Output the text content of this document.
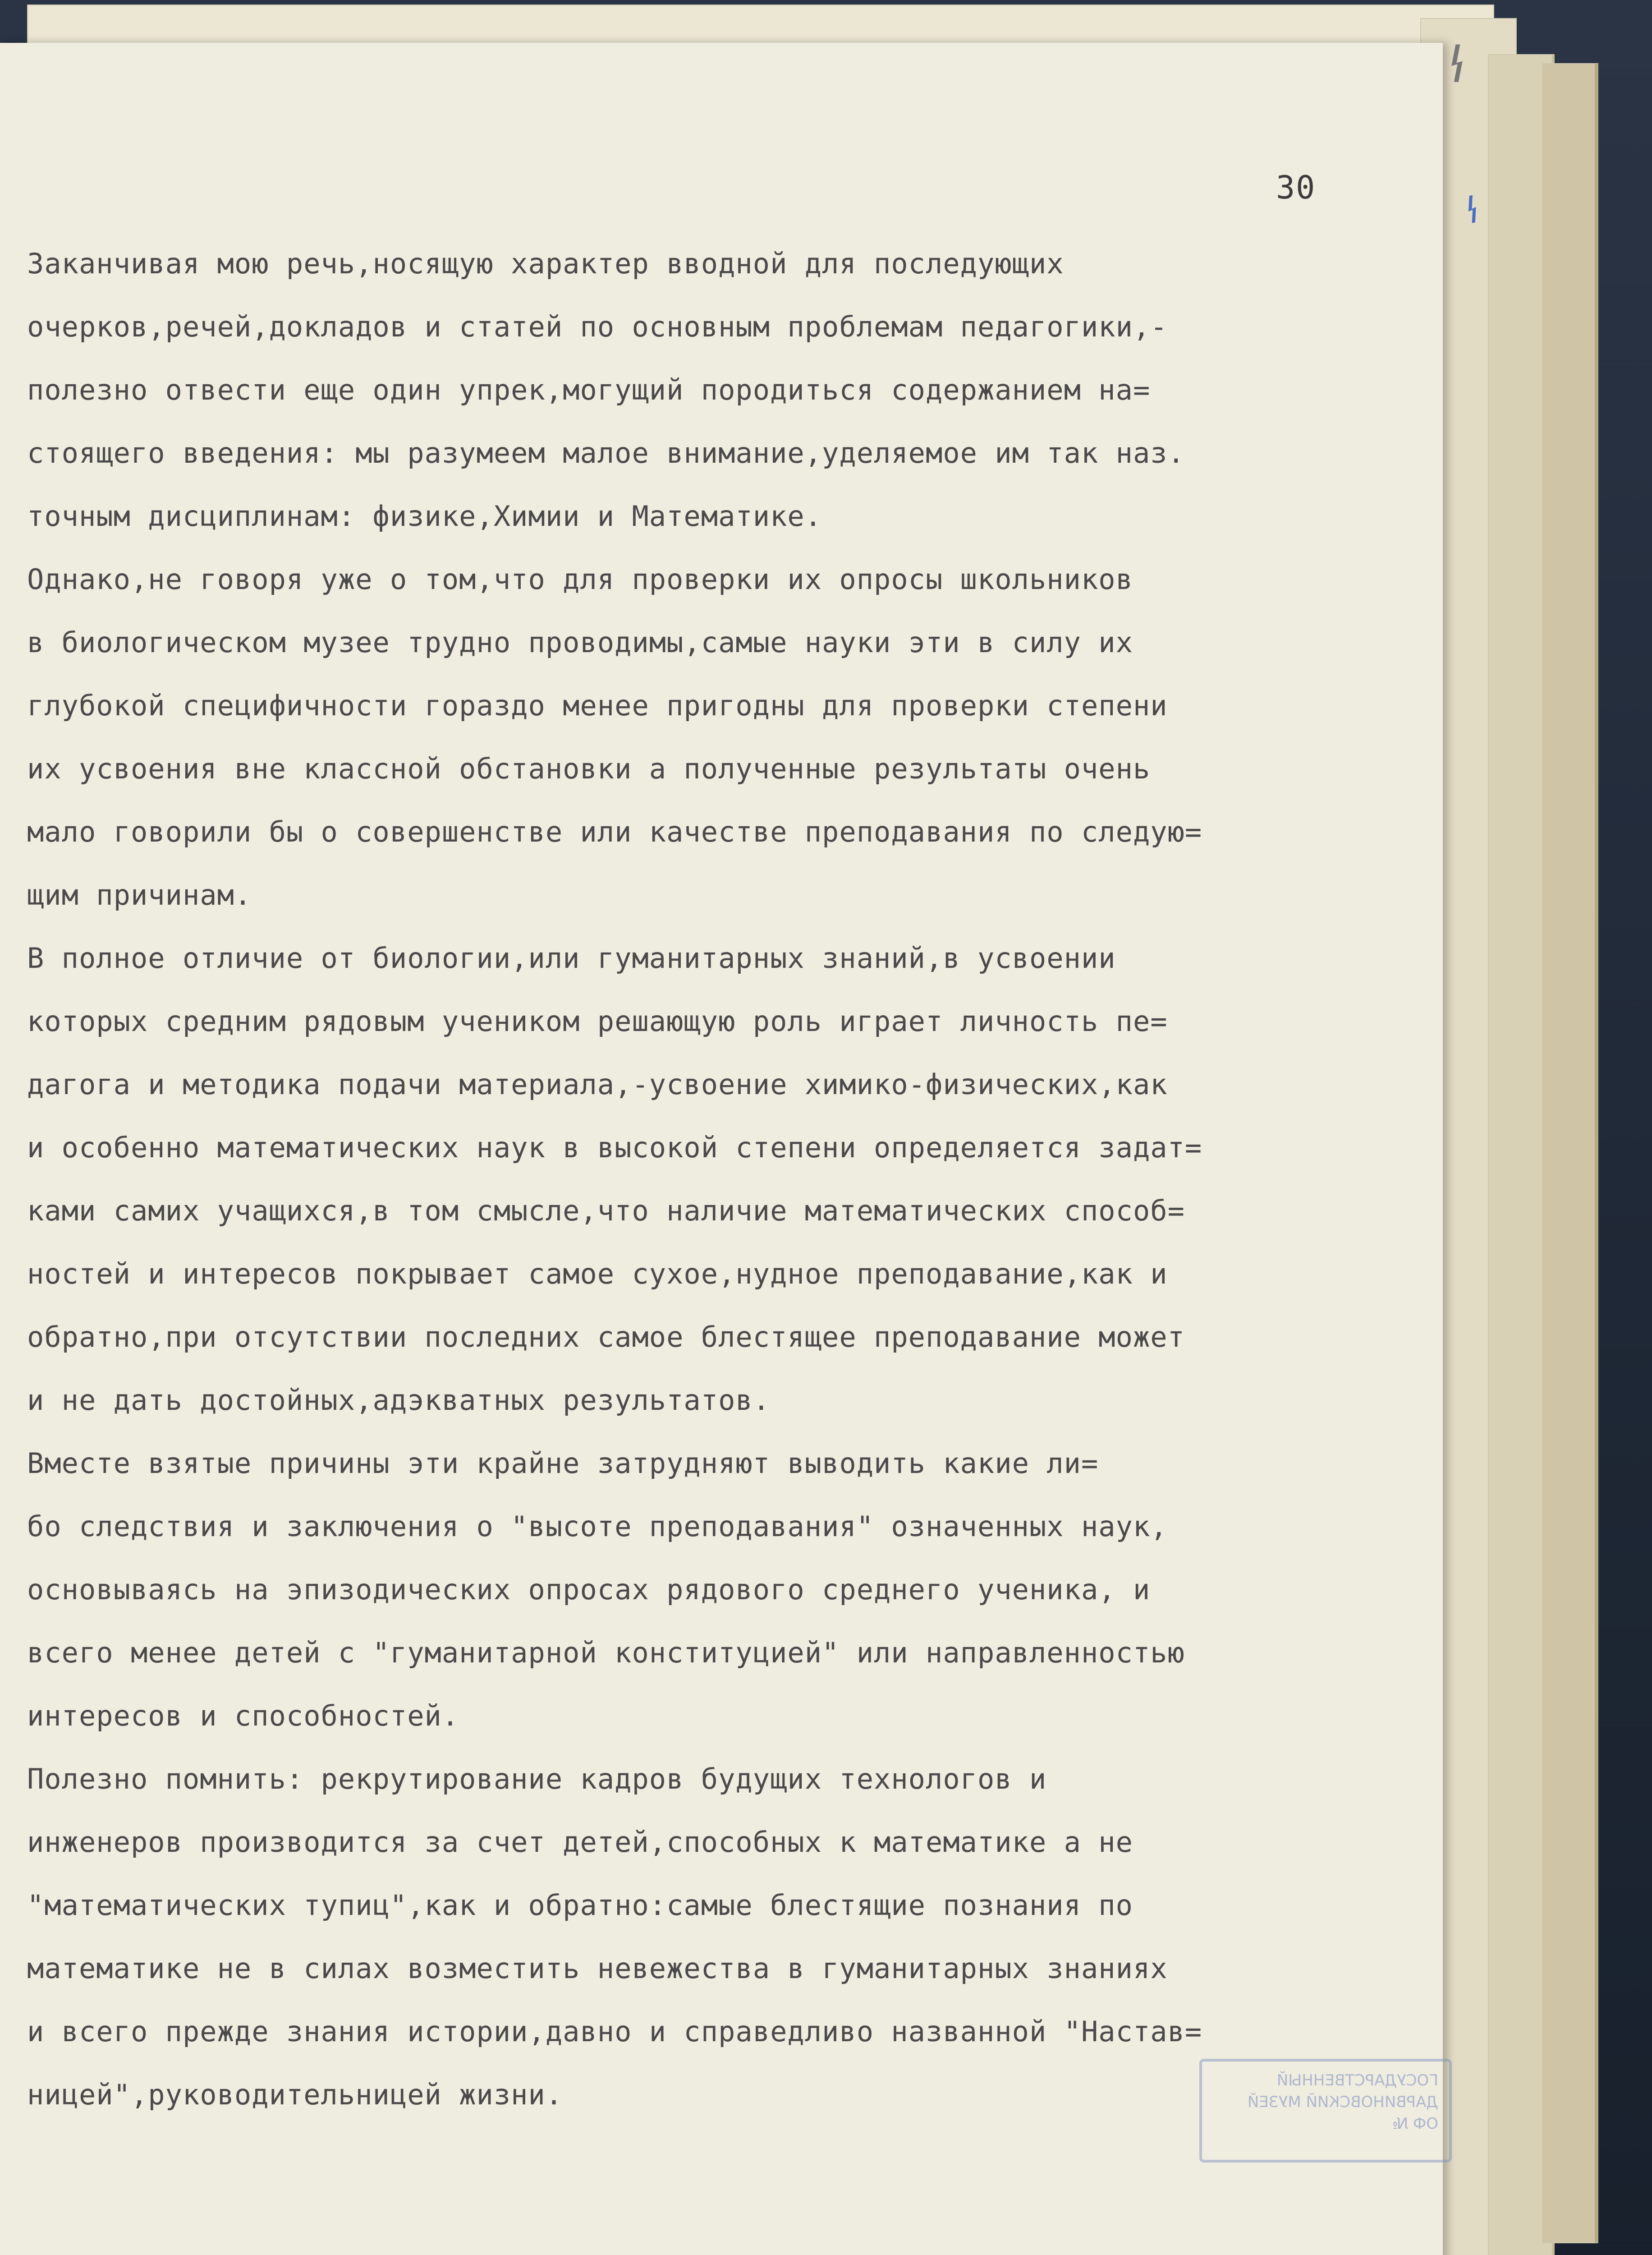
30
Заканчивая мою речь,носящую характер вводной для последующих
очерков,речей,докладов и статей по основным проблемам педагогики,-
полезно отвести еще один упрек,могущий породиться содержанием на=
стоящего введения: мы разумеем малое внимание,уделяемое им так наз.
точным дисциплинам: физике,Химии и Математике.
Однако,не говоря уже о том,что для проверки их опросы школьников
в биологическом музее трудно проводимы,самые науки эти в силу их
глубокой специфичности гораздо менее пригодны для проверки степени
их усвоения вне классной обстановки а полученные результаты очень
мало говорили бы о совершенстве или качестве преподавания по следую=
щим причинам.
В полное отличие от биологии,или гуманитарных знаний,в усвоении
которых средним рядовым учеником решающую роль играет личность пе=
дагога и методика подачи материала,-усвоение химико-физических,как
и особенно математических наук в высокой степени определяется задат=
ками самих учащихся,в том смысле,что наличие математических способ=
ностей и интересов покрывает самое сухое,нудное преподавание,как и
обратно,при отсутствии последних самое блестящее преподавание может
и не дать достойных,адэкватных результатов.
Вместе взятые причины эти крайне затрудняют выводить какие ли=
бо следствия и заключения о "высоте преподавания" означенных наук,
основываясь на эпизодических опросах рядового среднего ученика, и
всего менее детей с "гуманитарной конституцией" или направленностью
интересов и способностей.
Полезно помнить: рекрутирование кадров будущих технологов и
инженеров производится за счет детей,способных к математике а не
"математических тупиц",как и обратно:самые блестящие познания по
математике не в силах возместить невежества в гуманитарных знаниях
и всего прежде знания истории,давно и справедливо названной "Настав=
ницей",руководительницей жизни.	ГОСУДАРСТВЕННЫЙ
ДАРВИНОВСКИЙ МУЗЕЙ
ОФ №
ꝇ
ꝇ
